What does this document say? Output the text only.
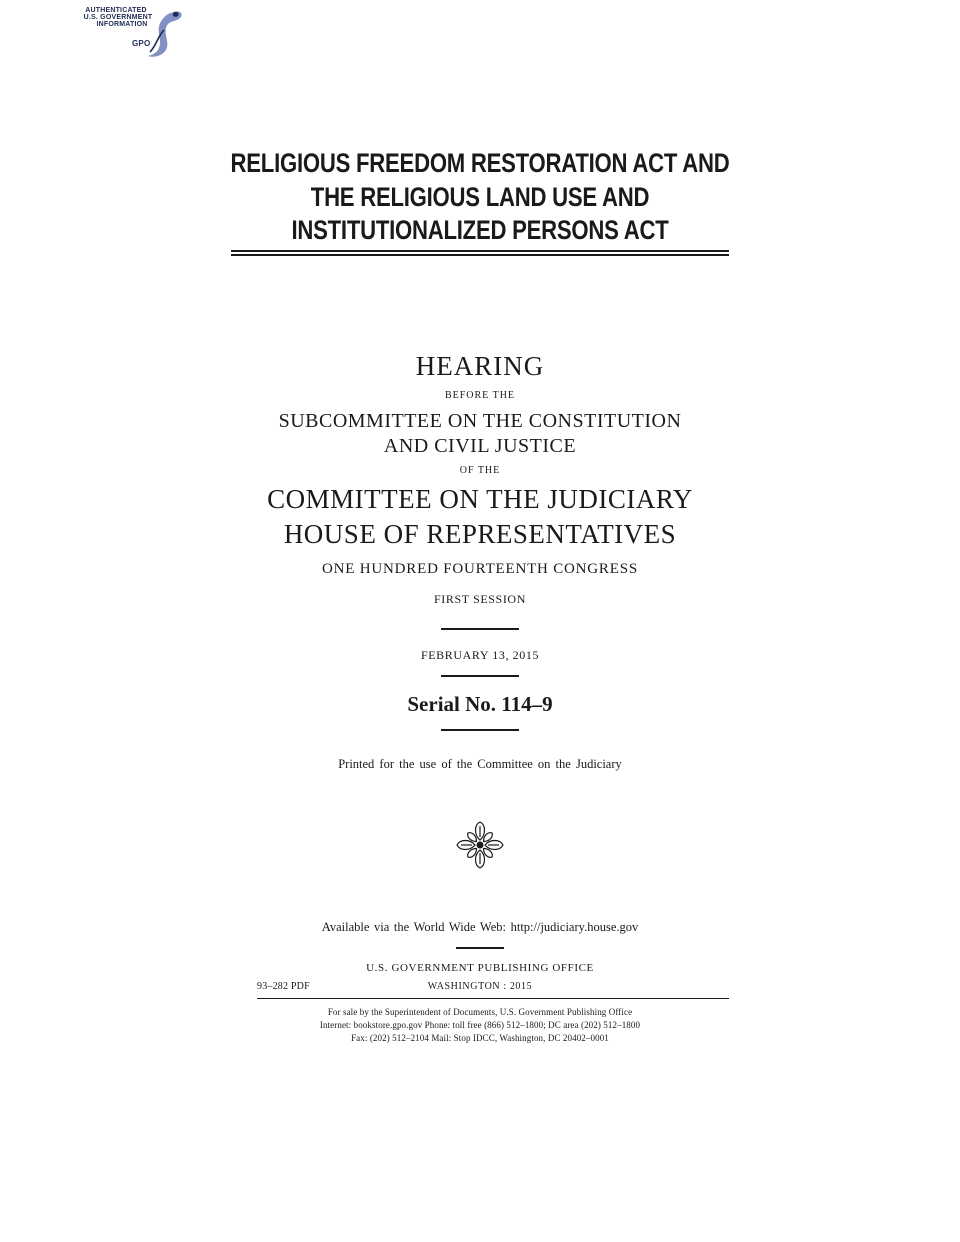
AUTHENTICATED
U.S. GOVERNMENT
INFORMATION
GPO
RELIGIOUS FREEDOM RESTORATION ACT AND
THE RELIGIOUS LAND USE AND
INSTITUTIONALIZED PERSONS ACT
HEARING
BEFORE THE
SUBCOMMITTEE ON THE CONSTITUTION
AND CIVIL JUSTICE
OF THE
COMMITTEE ON THE JUDICIARY
HOUSE OF REPRESENTATIVES
ONE HUNDRED FOURTEENTH CONGRESS
FIRST SESSION
FEBRUARY 13, 2015
Serial No. 114–9
Printed for the use of the Committee on the Judiciary
Available via the World Wide Web: http://judiciary.house.gov
U.S. GOVERNMENT PUBLISHING OFFICE
93–282 PDF	WASHINGTON : 2015
For sale by the Superintendent of Documents, U.S. Government Publishing Office
Internet: bookstore.gpo.gov Phone: toll free (866) 512–1800; DC area (202) 512–1800
Fax: (202) 512–2104 Mail: Stop IDCC, Washington, DC 20402–0001
